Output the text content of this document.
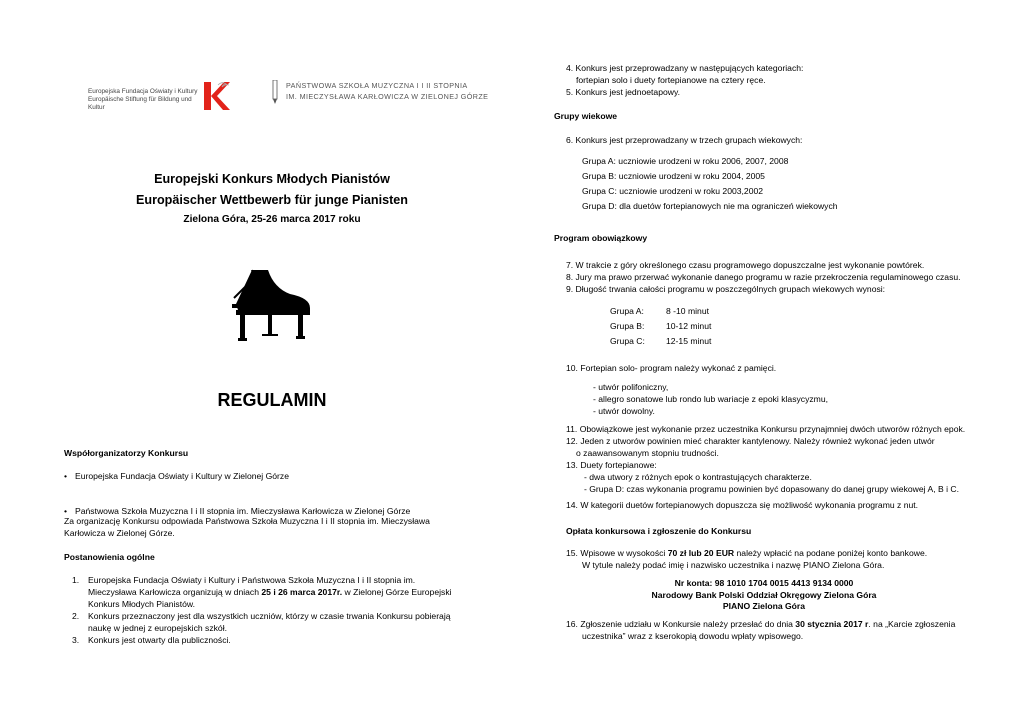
Europejska Fundacja Oświaty i Kultury
Europäische Stiftung für Bildung und Kultur
PAŃSTWOWA SZKOŁA MUZYCZNA I I II STOPNIA
IM. MIECZYSŁAWA KARŁOWICZA W ZIELONEJ GÓRZE
Europejski Konkurs Młodych Pianistów
Europäischer Wettbewerb für junge Pianisten
Zielona Góra, 25-26 marca 2017 roku
REGULAMIN
Współorganizatorzy Konkursu
• Europejska Fundacja Oświaty i Kultury w Zielonej Górze
• Państwowa Szkoła Muzyczna I i II stopnia im. Mieczysława Karłowicza w Zielonej Górze
Za organizację Konkursu odpowiada Państwowa Szkoła Muzyczna I i II stopnia im. Mieczysława
Karłowicza w Zielonej Górze.
Postanowienia ogólne
1. Europejska Fundacja Oświaty i Kultury i Państwowa Szkoła Muzyczna I i II stopnia im.
Mieczysława Karłowicza organizują w dniach 25 i 26 marca 2017r. w Zielonej Górze Europejski
Konkurs Młodych Pianistów.
2. Konkurs przeznaczony jest dla wszystkich uczniów, którzy w czasie trwania Konkursu pobierają
naukę w jednej z europejskich szkół.
3. Konkurs jest otwarty dla publiczności.
4. Konkurs jest przeprowadzany w następujących kategoriach:
fortepian solo i duety fortepianowe na cztery ręce.
5. Konkurs jest jednoetapowy.
Grupy wiekowe
6. Konkurs jest przeprowadzany w trzech grupach wiekowych:
Grupa A: uczniowie urodzeni w roku 2006, 2007, 2008
Grupa B: uczniowie urodzeni w roku 2004, 2005
Grupa C: uczniowie urodzeni w roku 2003,2002
Grupa D: dla duetów fortepianowych nie ma ograniczeń wiekowych
Program obowiązkowy
7. W trakcie z góry określonego czasu programowego dopuszczalne jest wykonanie powtórek.
8. Jury ma prawo przerwać wykonanie danego programu w razie przekroczenia regulaminowego czasu.
9. Długość trwania całości programu w poszczególnych grupach wiekowych wynosi:
Grupa A:	8 -10 minut
Grupa B:	10-12 minut
Grupa C:	12-15 minut
10. Fortepian solo- program należy wykonać z pamięci.
- utwór polifoniczny,
- allegro sonatowe lub rondo lub wariacje z epoki klasycyzmu,
- utwór dowolny.
11. Obowiązkowe jest wykonanie przez uczestnika Konkursu przynajmniej dwóch utworów różnych epok.
12. Jeden z utworów powinien mieć charakter kantylenowy. Należy również wykonać jeden utwór
o zaawansowanym stopniu trudności.
13. Duety fortepianowe:
- dwa utwory z różnych epok o kontrastujących charakterze.
- Grupa D: czas wykonania programu powinien być dopasowany do danej grupy wiekowej A, B i C.
14. W kategorii duetów fortepianowych dopuszcza się możliwość wykonania programu z nut.
Opłata konkursowa i zgłoszenie do Konkursu
15. Wpisowe w wysokości 70 zł lub 20 EUR należy wpłacić na podane poniżej konto bankowe.
W tytule należy podać imię i nazwisko uczestnika i nazwę PIANO Zielona Góra.
Nr konta: 98 1010 1704 0015 4413 9134 0000
Narodowy Bank Polski Oddział Okręgowy Zielona Góra
PIANO Zielona Góra
16. Zgłoszenie udziału w Konkursie należy przesłać do dnia 30 stycznia 2017 r. na „Karcie zgłoszenia
uczestnika” wraz z kserokopią dowodu wpłaty wpisowego.
